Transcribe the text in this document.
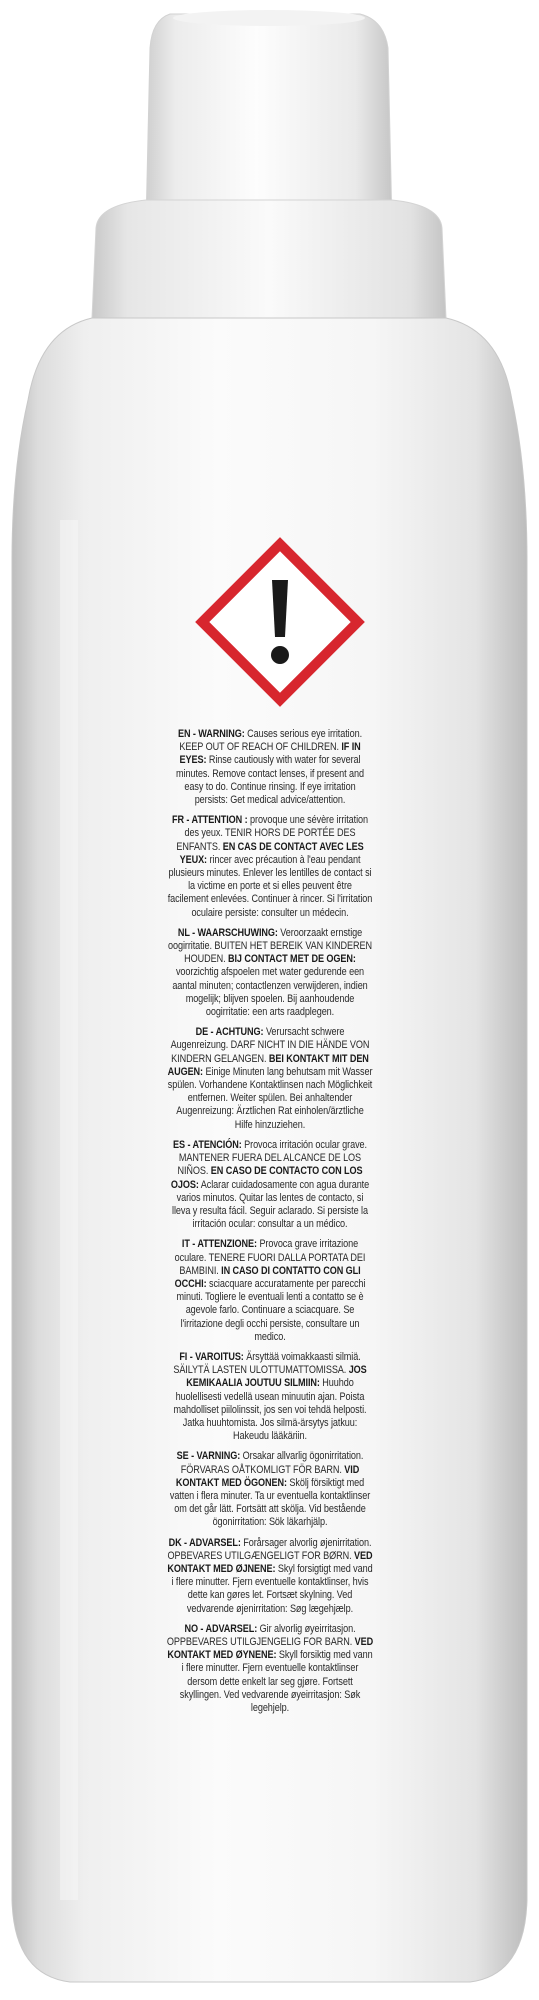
EN - WARNING: Causes serious eye irritation. KEEP OUT OF REACH OF CHILDREN. IF IN EYES: Rinse cautiously with water for several minutes. Remove contact lenses, if present and easy to do. Continue rinsing. If eye irritation persists: Get medical advice/attention.
FR - ATTENTION : provoque une sévère irritation des yeux. TENIR HORS DE PORTÉE DES ENFANTS. EN CAS DE CONTACT AVEC LES YEUX: rincer avec précaution à l'eau pendant plusieurs minutes. Enlever les lentilles de contact si la victime en porte et si elles peuvent être facilement enlevées. Continuer à rincer. Si l'irritation oculaire persiste: consulter un médecin.
NL - WAARSCHUWING: Veroorzaakt ernstige oogirritatie. BUITEN HET BEREIK VAN KINDEREN HOUDEN. BIJ CONTACT MET DE OGEN: voorzichtig afspoelen met water gedurende een aantal minuten; contactlenzen verwijderen, indien mogelijk; blijven spoelen. Bij aanhoudende oogirritatie: een arts raadplegen.
DE - ACHTUNG: Verursacht schwere Augenreizung. DARF NICHT IN DIE HÄNDE VON KINDERN GELANGEN. BEI KONTAKT MIT DEN AUGEN: Einige Minuten lang behutsam mit Wasser spülen. Vorhandene Kontaktlinsen nach Möglichkeit entfernen. Weiter spülen. Bei anhaltender Augenreizung: Ärztlichen Rat einholen/ärztliche Hilfe hinzuziehen.
ES - ATENCIÓN: Provoca irritación ocular grave. MANTENER FUERA DEL ALCANCE DE LOS NIÑOS. EN CASO DE CONTACTO CON LOS OJOS: Aclarar cuidadosamente con agua durante varios minutos. Quitar las lentes de contacto, si lleva y resulta fácil. Seguir aclarado. Si persiste la irritación ocular: consultar a un médico.
IT - ATTENZIONE: Provoca grave irritazione oculare. TENERE FUORI DALLA PORTATA DEI BAMBINI. IN CASO DI CONTATTO CON GLI OCCHI: sciacquare accuratamente per parecchi minuti. Togliere le eventuali lenti a contatto se è agevole farlo. Continuare a sciacquare. Se l'irritazione degli occhi persiste, consultare un medico.
FI - VAROITUS: Ärsyttää voimakkaasti silmiä. SÄILYTÄ LASTEN ULOTTUMATTOMISSA. JOS KEMIKAALIA JOUTUU SILMIIN: Huuhdo huolellisesti vedellä usean minuutin ajan. Poista mahdolliset piilolinssit, jos sen voi tehdä helposti. Jatka huuhtomista. Jos silmä-ärsytys jatkuu: Hakeudu lääkäriin.
SE - VARNING: Orsakar allvarlig ögonirritation. FÖRVARAS OÅTKOMLIGT FÖR BARN. VID KONTAKT MED ÖGONEN: Skölj försiktigt med vatten i flera minuter. Ta ur eventuella kontaktlinser om det går lätt. Fortsätt att skölja. Vid bestående ögonirritation: Sök läkarhjälp.
DK - ADVARSEL: Forårsager alvorlig øjenirritation. OPBEVARES UTILGÆNGELIGT FOR BØRN. VED KONTAKT MED ØJNENE: Skyl forsigtigt med vand i flere minutter. Fjern eventuelle kontaktlinser, hvis dette kan gøres let. Fortsæt skylning. Ved vedvarende øjenirritation: Søg lægehjælp.
NO - ADVARSEL: Gir alvorlig øyeirritasjon. OPPBEVARES UTILGJENGELIG FOR BARN. VED KONTAKT MED ØYNENE: Skyll forsiktig med vann i flere minutter. Fjern eventuelle kontaktlinser dersom dette enkelt lar seg gjøre. Fortsett skyllingen. Ved vedvarende øyeirritasjon: Søk legehjelp.
